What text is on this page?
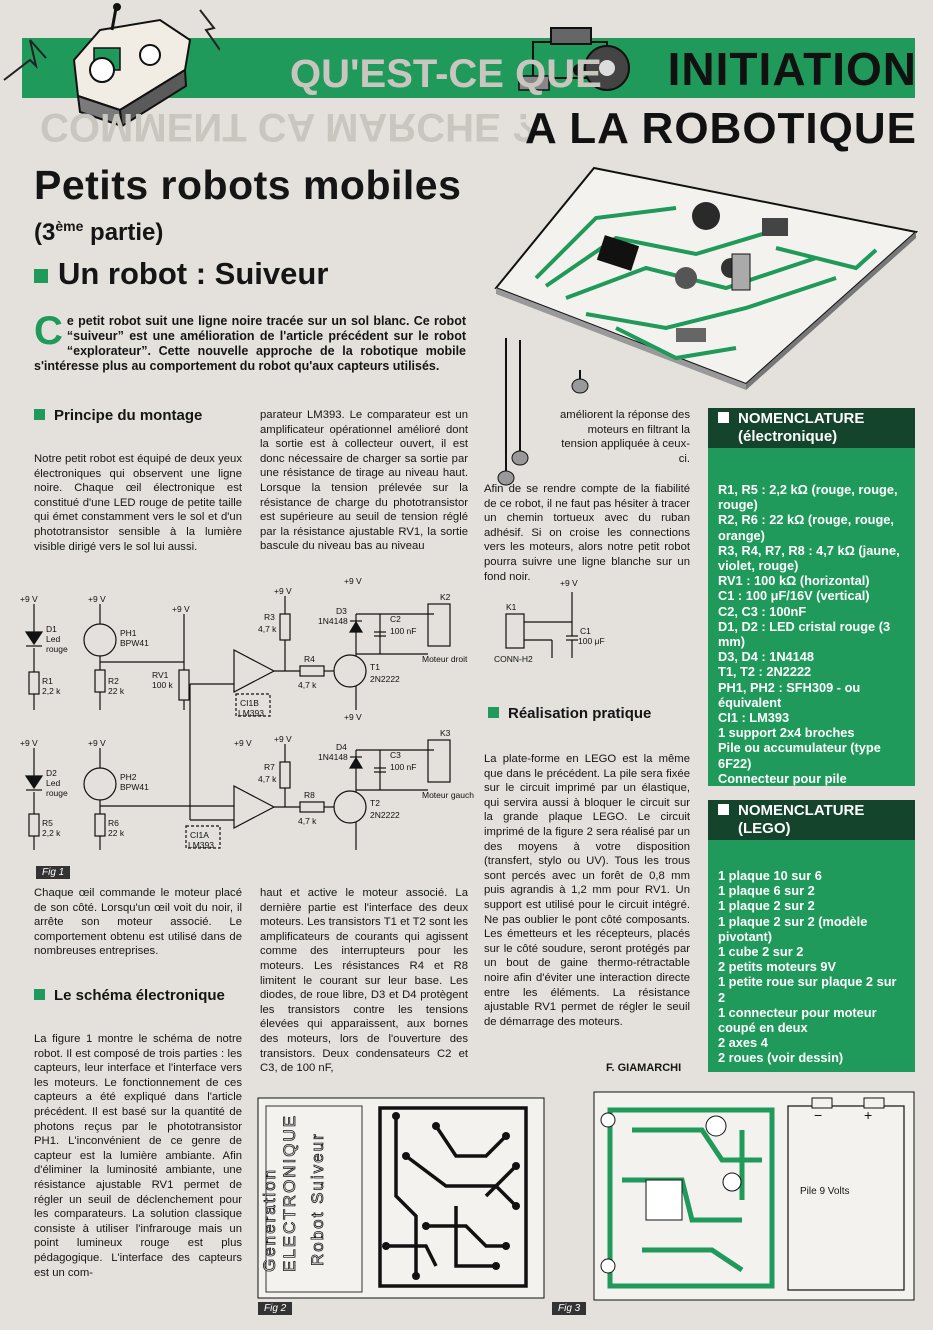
QU'EST-CE QUE
COMMENT CA MARCHE ?
INITIATION
A LA ROBOTIQUE
Petits robots mobiles
(3ème partie)
Un robot : Suiveur
Ce petit robot suit une ligne noire tracée sur un sol blanc. Ce robot “suiveur” est une amélioration de l'article précédent sur le robot “explorateur”. Cette nouvelle approche de la robotique mobile s'intéresse plus au comportement du robot qu'aux capteurs utilisés.
Principe du montage
Notre petit robot est équipé de deux yeux électroniques qui observent une ligne noire. Chaque œil électronique est constitué d'une LED rouge de petite taille qui émet constamment vers le sol et d'un phototransistor sensible à la lumière visible dirigé vers le sol lui aussi.
parateur LM393. Le comparateur est un amplificateur opérationnel amélioré dont la sortie est à collecteur ouvert, il est donc nécessaire de charger sa sortie par une résistance de tirage au niveau haut. Lorsque la tension prélevée sur la résistance de charge du phototransistor est supérieure au seuil de tension réglé par la résistance ajustable RV1, la sortie bascule du niveau bas au niveau
améliorent la réponse des moteurs en filtrant la tension appliquée à ceux-ci.
Afin de se rendre compte de la fiabilité de ce robot, il ne faut pas hésiter à tracer un chemin tortueux avec du ruban adhésif. Si on croise les connections vers les moteurs, alors notre petit robot pourra suivre une ligne blanche sur un fond noir.
NOMENCLATURE
(électronique)
R1, R5 : 2,2 kΩ (rouge, rouge, rouge)
R2, R6 : 22 kΩ (rouge, rouge, orange)
R3, R4, R7, R8 : 4,7 kΩ (jaune, violet, rouge)
RV1 : 100 kΩ (horizontal)
C1 : 100 μF/16V (vertical)
C2, C3 : 100nF
D1, D2 : LED cristal rouge (3 mm)
D3, D4 : 1N4148
T1, T2 : 2N2222
PH1, PH2 : SFH309 - ou équivalent
CI1 : LM393
1 support 2x4 broches
Pile ou accumulateur (type 6F22)
Connecteur pour pile
NOMENCLATURE
(LEGO)
1 plaque 10 sur 6
1 plaque 6 sur 2
1 plaque 2 sur 2
1 plaque 2 sur 2 (modèle pivotant)
1 cube 2 sur 2
2 petits moteurs 9V
1 petite roue sur plaque 2 sur 2
1 connecteur pour moteur coupé en deux
2 axes 4
2 roues (voir dessin)
+9 V	+9 V
+9 V
+9 V
+9 V
D1
Led
rouge
PH1
BPW41
R1
2,2 k
R2
22 k
RV1
100 k
R3
4,7 k
R4
4,7 k
D3
1N4148	C2
100 nF
K2
T1
2N2222
Moteur droit
CI1B
LM393
+9 V	+9 V	+9 V	+9 V
+9 V
D2
Led
rouge
PH2
BPW41
R5
2,2 k
R6
22 k
R7
4,7 k
R8
4,7 k
D4
1N4148	C3
100 nF
K3
T2
2N2222
Moteur gauche
CI1A
LM393
Fig 1
+9 V
K1
CONN-H2
C1
100 μF
Réalisation pratique
La plate-forme en LEGO est la même que dans le précédent. La pile sera fixée sur le circuit imprimé par un élastique, qui servira aussi à bloquer le circuit sur la grande plaque LEGO. Le circuit imprimé de la figure 2 sera réalisé par un des moyens à votre disposition (transfert, stylo ou UV). Tous les trous sont percés avec un forêt de 0,8 mm puis agrandis à 1,2 mm pour RV1. Un support est utilisé pour le circuit intégré. Ne pas oublier le pont côté composants. Les émetteurs et les récepteurs, placés sur le côté soudure, seront protégés par un bout de gaine thermo-rétractable noire afin d'éviter une interaction directe entre les éléments. La résistance ajustable RV1 permet de régler le seuil de démarrage des moteurs.
F. GIAMARCHI
Chaque œil commande le moteur placé de son côté. Lorsqu'un œil voit du noir, il arrête son moteur associé. Le comportement obtenu est utilisé dans de nombreuses entreprises.
Le schéma électronique
La figure 1 montre le schéma de notre robot. Il est composé de trois parties : les capteurs, leur interface et l'interface vers les moteurs. Le fonctionnement de ces capteurs a été expliqué dans l'article précédent. Il est basé sur la quantité de photons reçus par le phototransistor PH1. L'inconvénient de ce genre de capteur est la lumière ambiante. Afin d'éliminer la luminosité ambiante, une résistance ajustable RV1 permet de régler un seuil de déclenchement pour les comparateurs. La solution classique consiste à utiliser l'infrarouge mais un point lumineux rouge est plus pédagogique. L'interface des capteurs est un com-
haut et active le moteur associé. La dernière partie est l'interface des deux moteurs. Les transistors T1 et T2 sont les amplificateurs de courants qui agissent comme des interrupteurs pour les moteurs. Les résistances R4 et R8 limitent le courant sur leur base. Les diodes, de roue libre, D3 et D4 protègent les transistors contre les tensions élevées qui apparaissent, aux bornes des moteurs, lors de l'ouverture des transistors. Deux condensateurs C2 et C3, de 100 nF,
Generation ELECTRONIQUE Robot Suiveur
Fig 2
−	+
Pile 9 Volts
Fig 3
